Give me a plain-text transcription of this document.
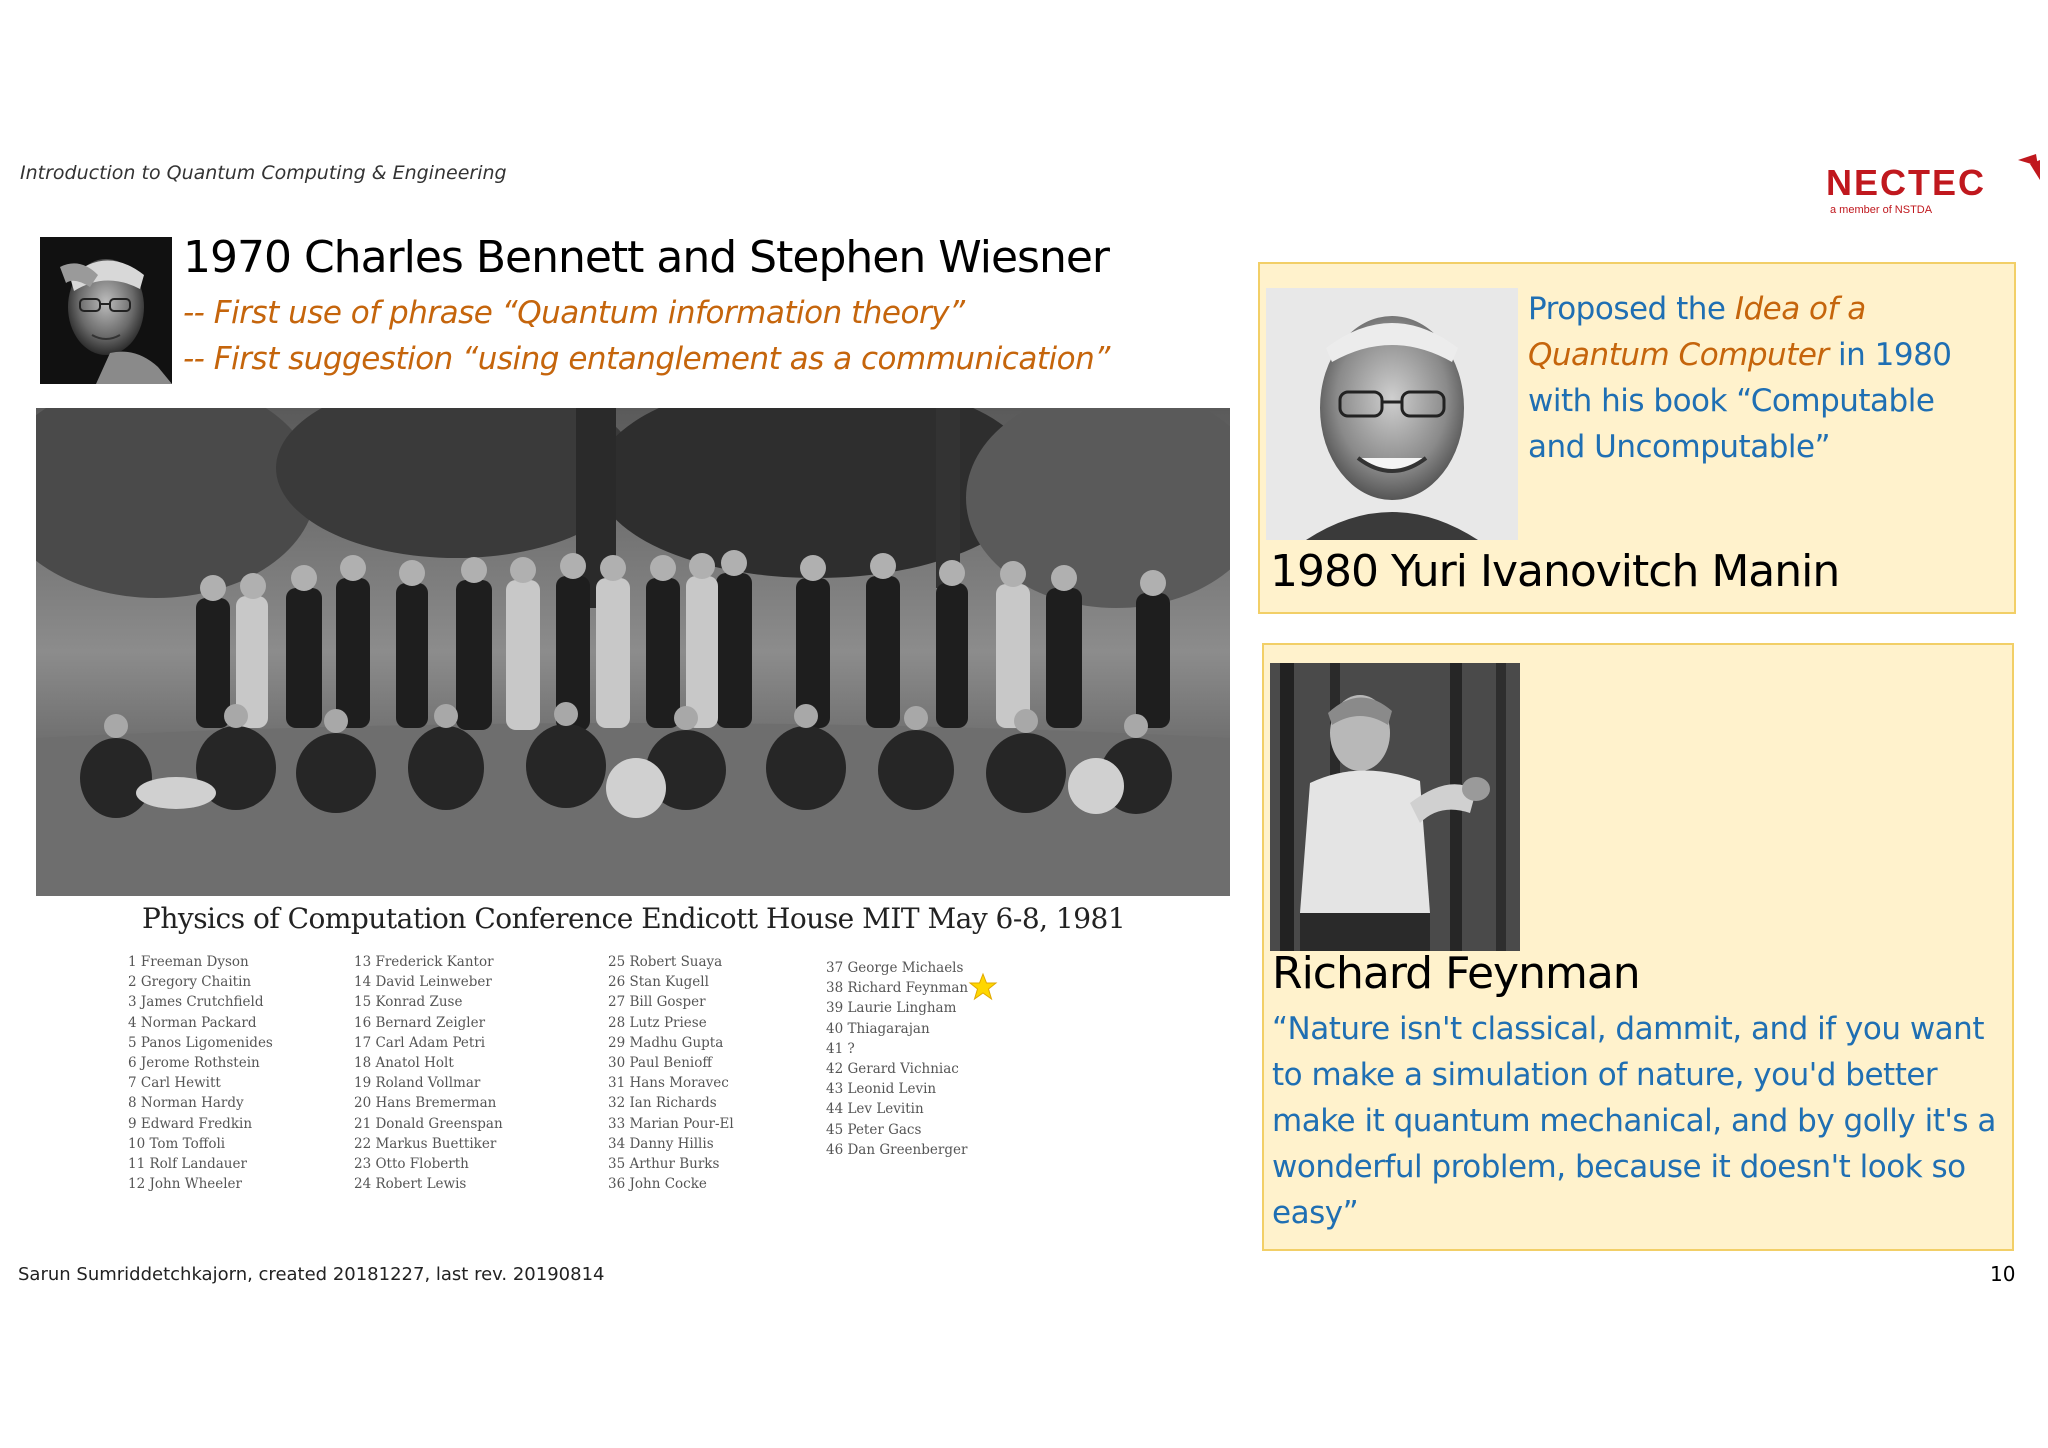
Introduction to Quantum Computing & Engineering	NECTEC
a member of NSTDA
1970 Charles Bennett and Stephen Wiesner
-- First use of phrase “Quantum information theory”
-- First suggestion “using entanglement as a communication”
Physics of Computation Conference Endicott House MIT May 6-8, 1981
1 Freeman Dyson
2 Gregory Chaitin
3 James Crutchfield
4 Norman Packard
5 Panos Ligomenides
6 Jerome Rothstein
7 Carl Hewitt
8 Norman Hardy
9 Edward Fredkin
10 Tom Toffoli
11 Rolf Landauer
12 John Wheeler
13 Frederick Kantor
14 David Leinweber
15 Konrad Zuse
16 Bernard Zeigler
17 Carl Adam Petri
18 Anatol Holt
19 Roland Vollmar
20 Hans Bremerman
21 Donald Greenspan
22 Markus Buettiker
23 Otto Floberth
24 Robert Lewis
25 Robert Suaya
26 Stan Kugell
27 Bill Gosper
28 Lutz Priese
29 Madhu Gupta
30 Paul Benioff
31 Hans Moravec
32 Ian Richards
33 Marian Pour-El
34 Danny Hillis
35 Arthur Burks
36 John Cocke
37 George Michaels
38 Richard Feynman
39 Laurie Lingham
40 Thiagarajan
41 ?
42 Gerard Vichniac
43 Leonid Levin
44 Lev Levitin
45 Peter Gacs
46 Dan Greenberger
Proposed the Idea of a Quantum Computer in 1980 with his book “Computable and Uncomputable”
1980 Yuri Ivanovitch Manin
Richard Feynman
“Nature isn't classical, dammit, and if you want to make a simulation of nature, you'd better make it quantum mechanical, and by golly it's a wonderful problem, because it doesn't look so easy”
Sarun Sumriddetchkajorn, created 20181227, last rev. 20190814	10
